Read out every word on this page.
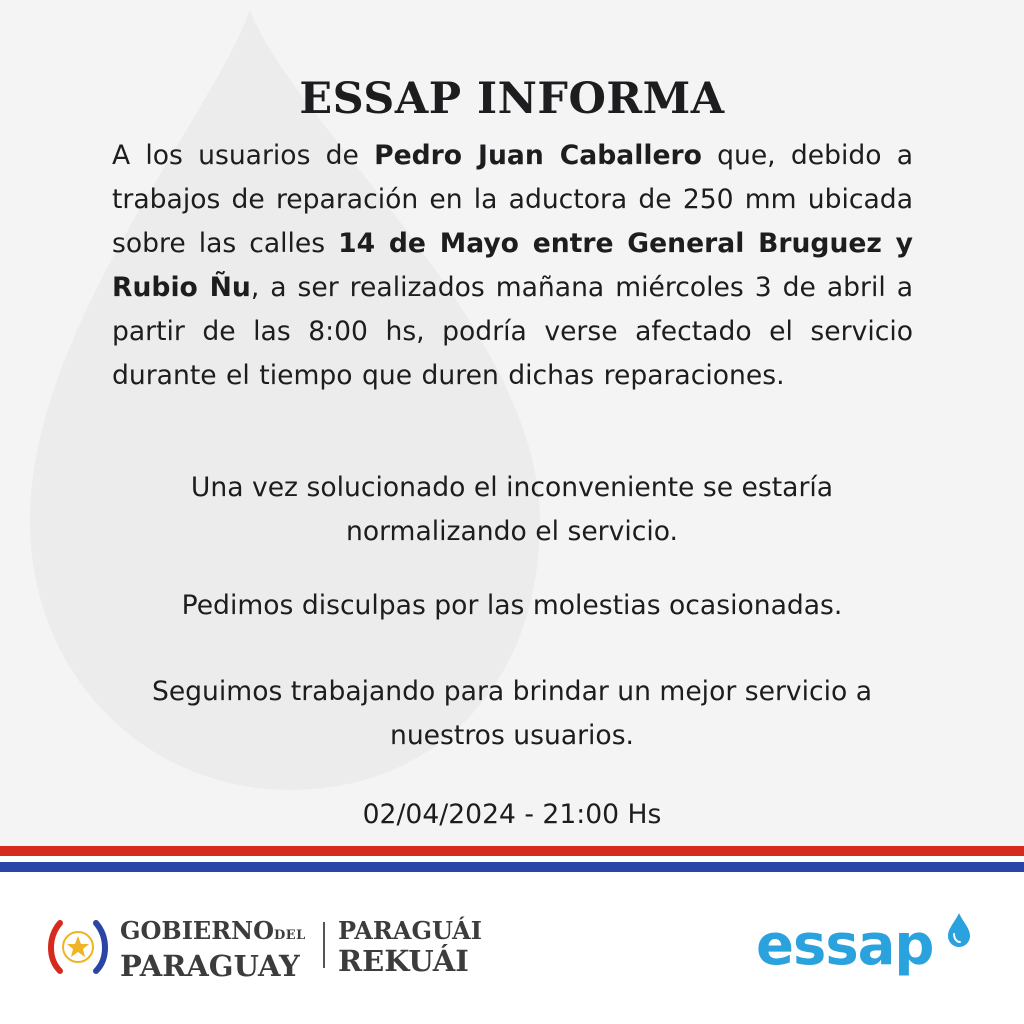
ESSAP INFORMA

A los usuarios de Pedro Juan Caballero que, debido a trabajos de reparación en la aductora de 250 mm ubicada sobre las calles 14 de Mayo entre General Bruguez y Rubio Ñu, a ser realizados mañana miércoles 3 de abril a partir de las 8:00 hs, podría verse afectado el servicio durante el tiempo que duren dichas reparaciones.

Una vez solucionado el inconveniente se estaría normalizando el servicio.

Pedimos disculpas por las molestias ocasionadas.

Seguimos trabajando para brindar un mejor servicio a nuestros usuarios.

02/04/2024 - 21:00 Hs

GOBIERNODEL
PARAGUAY
PARAGUÁI
REKUÁI	essap
